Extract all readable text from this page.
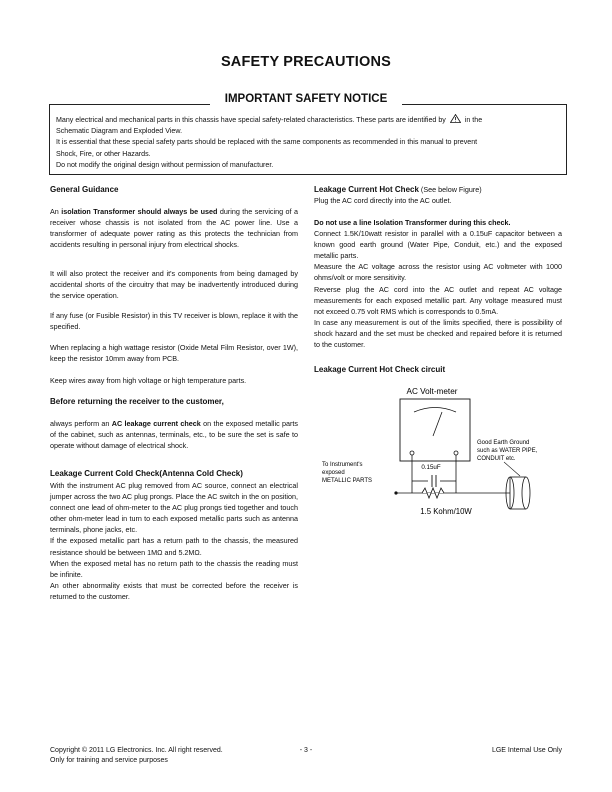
SAFETY PRECAUTIONS
IMPORTANT SAFETY NOTICE
Many electrical and mechanical parts in this chassis have special safety-related characteristics. These parts are identified by	in the
Schematic Diagram and Exploded View.
It is essential that these special safety parts should be replaced with the same components as recommended in this manual to prevent
Shock, Fire, or other Hazards.
Do not modify the original design without permission of manufacturer.
General Guidance

An isolation Transformer should always be used during the servicing of a receiver whose chassis is not isolated from the AC power line. Use a transformer of adequate power rating as this protects the technician from accidents resulting in personal injury from electrical shocks.

It will also protect the receiver and it's components from being damaged by accidental shorts of the circuitry that may be inadvertently introduced during the service operation.

If any fuse (or Fusible Resistor) in this TV receiver is blown, replace it with the specified.

When replacing a high wattage resistor (Oxide Metal Film Resistor, over 1W), keep the resistor 10mm away from PCB.

Keep wires away from high voltage or high temperature parts.

Before returning the receiver to the customer,

always perform an AC leakage current check on the exposed metallic parts of the cabinet, such as antennas, terminals, etc., to be sure the set is safe to operate without damage of electrical shock.

Leakage Current Cold Check(Antenna Cold Check)

With the instrument AC plug removed from AC source, connect an electrical jumper across the two AC plug prongs. Place the AC switch in the on position, connect one lead of ohm-meter to the AC plug prongs tied together and touch other ohm-meter lead in turn to each exposed metallic parts such as antenna terminals, phone jacks, etc.

If the exposed metallic part has a return path to the chassis, the measured resistance should be between 1MΩ and 5.2MΩ.

When the exposed metal has no return path to the chassis the reading must be infinite.

An other abnormality exists that must be corrected before the receiver is returned to the customer.

Leakage Current Hot Check (See below Figure)

Plug the AC cord directly into the AC outlet.

Do not use a line Isolation Transformer during this check.

Connect 1.5K/10watt resistor in parallel with a 0.15uF capacitor between a known good earth ground (Water Pipe, Conduit, etc.) and the exposed metallic parts.

Measure the AC voltage across the resistor using AC voltmeter with 1000 ohms/volt or more sensitivity.

Reverse plug the AC cord into the AC outlet and repeat AC voltage measurements for each exposed metallic part. Any voltage measured must not exceed 0.75 volt RMS which is corresponds to 0.5mA.

In case any measurement is out of the limits specified, there is possibility of shock hazard and the set must be checked and repaired before it is returned to the customer.

Leakage Current Hot Check circuit
AC Volt-meter
0.15uF
1.5 Kohm/10W
To Instrument's
exposed
METALLIC PARTS
Good Earth Ground
such as WATER PIPE,
CONDUIT etc.
Copyright © 2011 LG Electronics. Inc. All right reserved.
Only for training and service purposes
- 3 -	LGE Internal Use Only
